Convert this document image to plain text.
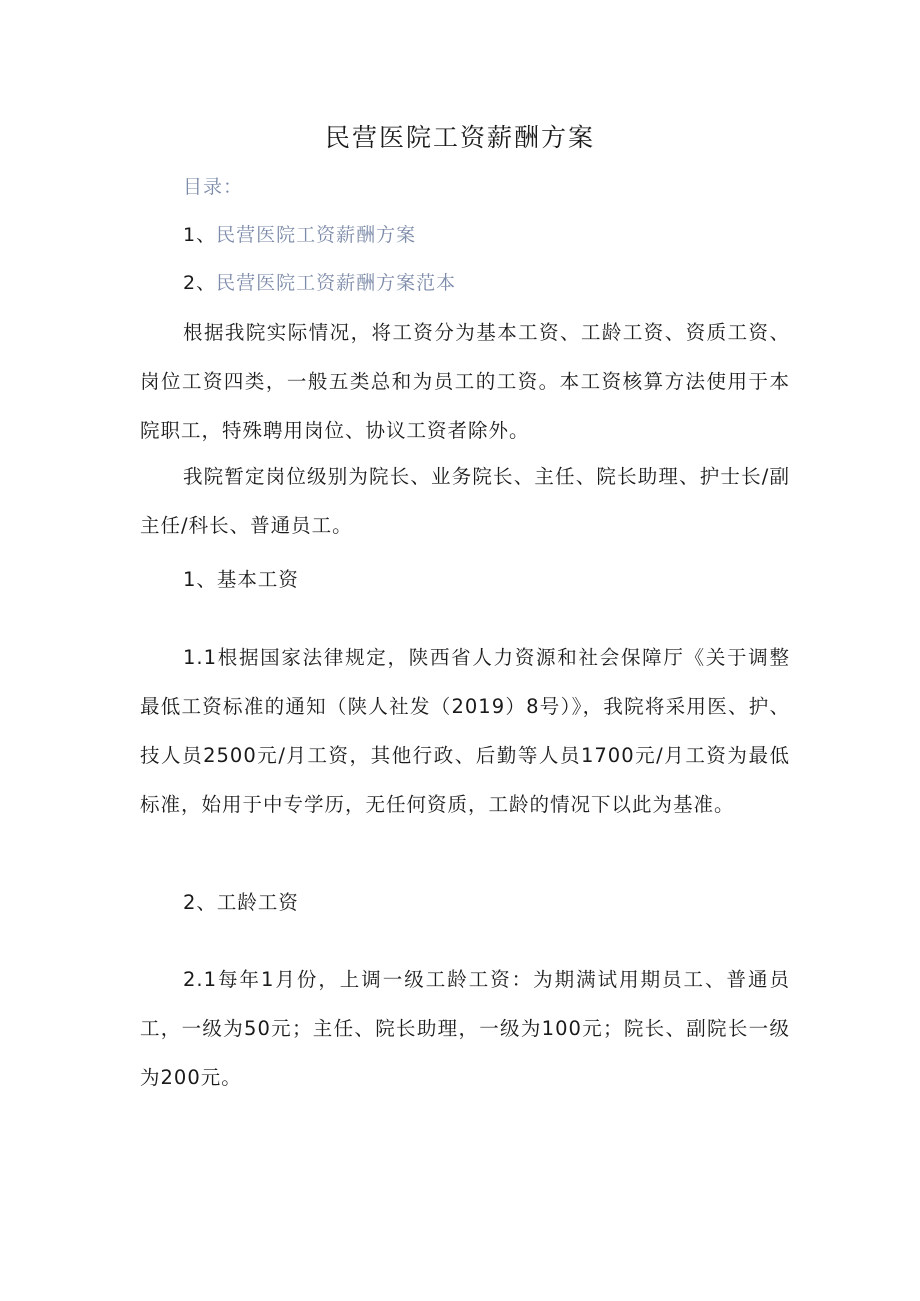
民营医院工资薪酬方案
目录：
1、民营医院工资薪酬方案
2、民营医院工资薪酬方案范本
根据我院实际情况，将工资分为基本工资、工龄工资、资质工资、岗位工资四类，一般五类总和为员工的工资。本工资核算方法使用于本院职工，特殊聘用岗位、协议工资者除外。
我院暂定岗位级别为院长、业务院长、主任、院长助理、护士长/副主任/科长、普通员工。
1、基本工资
1.1根据国家法律规定，陕西省人力资源和社会保障厅《关于调整最低工资标准的通知（陕人社发（2019）8号）》，我院将采用医、护、技人员2500元/月工资，其他行政、后勤等人员1700元/月工资为最低标准，始用于中专学历，无任何资质，工龄的情况下以此为基准。
2、工龄工资
2.1每年1月份，上调一级工龄工资：为期满试用期员工、普通员工，一级为50元；主任、院长助理，一级为100元；院长、副院长一级为200元。
